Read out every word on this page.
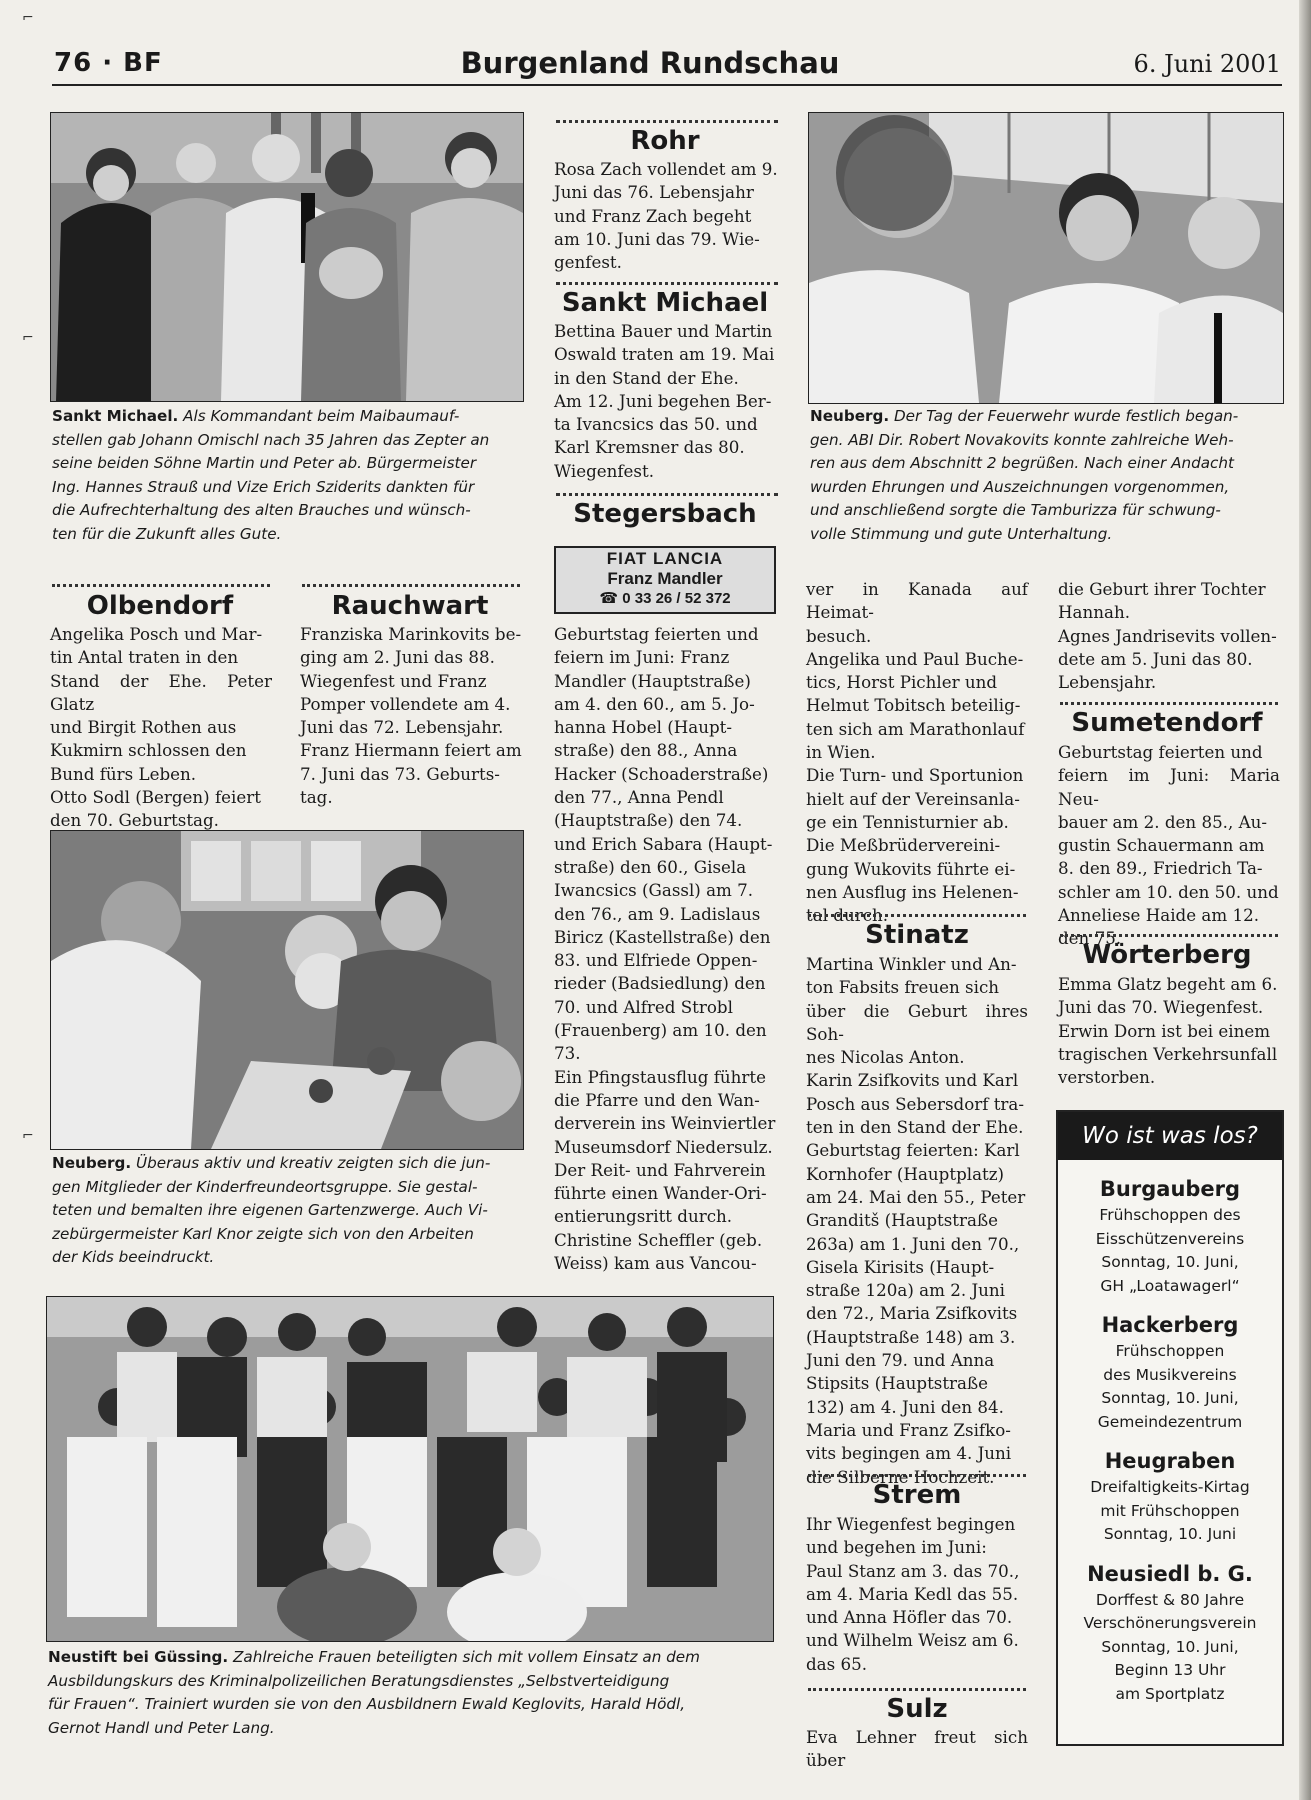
76 · BF	Burgenland Rundschau	6. Juni 2001
⌐
⌐
⌐
Sankt Michael. Als Kommandant beim Maibaumauf-
stellen gab Johann Omischl nach 35 Jahren das Zepter an
seine beiden Söhne Martin und Peter ab. Bürgermeister
Ing. Hannes Strauß und Vize Erich Sziderits dankten für
die Aufrechterhaltung des alten Brauches und wünsch-
ten für die Zukunft alles Gute.
Neuberg. Der Tag der Feuerwehr wurde festlich began-
gen. ABI Dir. Robert Novakovits konnte zahlreiche Weh-
ren aus dem Abschnitt 2 begrüßen. Nach einer Andacht
wurden Ehrungen und Auszeichnungen vorgenommen,
und anschließend sorgte die Tamburizza für schwung-
volle Stimmung und gute Unterhaltung.
Rohr
Rosa Zach vollendet am 9.
Juni das 76. Lebensjahr
und Franz Zach begeht
am 10. Juni das 79. Wie-
genfest.
Sankt Michael
Bettina Bauer und Martin
Oswald traten am 19. Mai
in den Stand der Ehe.
Am 12. Juni begehen Ber-
ta Ivancsics das 50. und
Karl Kremsner das 80.
Wiegenfest.
Stegersbach
FIAT LANCIA
Franz Mandler
☎ 0 33 26 / 52 372
Geburtstag feierten und
feiern im Juni: Franz
Mandler (Hauptstraße)
am 4. den 60., am 5. Jo-
hanna Hobel (Haupt-
straße) den 88., Anna
Hacker (Schoaderstraße)
den 77., Anna Pendl
(Hauptstraße) den 74.
und Erich Sabara (Haupt-
straße) den 60., Gisela
Iwancsics (Gassl) am 7.
den 76., am 9. Ladislaus
Biricz (Kastellstraße) den
83. und Elfriede Oppen-
rieder (Badsiedlung) den
70. und Alfred Strobl
(Frauenberg) am 10. den
73.
Ein Pfingstausflug führte
die Pfarre und den Wan-
derverein ins Weinviertler
Museumsdorf Niedersulz.
Der Reit- und Fahrverein
führte einen Wander-Ori-
entierungsritt durch.
Christine Scheffler (geb.
Weiss) kam aus Vancou-
ver in Kanada auf Heimat-
besuch.
Angelika und Paul Buche-
tics, Horst Pichler und
Helmut Tobitsch beteilig-
ten sich am Marathonlauf
in Wien.
Die Turn- und Sportunion
hielt auf der Vereinsanla-
ge ein Tennisturnier ab.
Die Meßbrüdervereini-
gung Wukovits führte ei-
nen Ausflug ins Helenen-
tal durch.
Stinatz
Martina Winkler und An-
ton Fabsits freuen sich
über die Geburt ihres Soh-
nes Nicolas Anton.
Karin Zsifkovits und Karl
Posch aus Sebersdorf tra-
ten in den Stand der Ehe.
Geburtstag feierten: Karl
Kornhofer (Hauptplatz)
am 24. Mai den 55., Peter
Granditš (Hauptstraße
263a) am 1. Juni den 70.,
Gisela Kirisits (Haupt-
straße 120a) am 2. Juni
den 72., Maria Zsifkovits
(Hauptstraße 148) am 3.
Juni den 79. und Anna
Stipsits (Hauptstraße
132) am 4. Juni den 84.
Maria und Franz Zsifko-
vits begingen am 4. Juni
die Silberne Hochzeit.
Strem
Ihr Wiegenfest begingen
und begehen im Juni:
Paul Stanz am 3. das 70.,
am 4. Maria Kedl das 55.
und Anna Höfler das 70.
und Wilhelm Weisz am 6.
das 65.
Sulz
Eva Lehner freut sich über
die Geburt ihrer Tochter
Hannah.
Agnes Jandrisevits vollen-
dete am 5. Juni das 80.
Lebensjahr.
Sumetendorf
Geburtstag feierten und
feiern im Juni: Maria Neu-
bauer am 2. den 85., Au-
gustin Schauermann am
8. den 89., Friedrich Ta-
schler am 10. den 50. und
Anneliese Haide am 12.
den 75.
Wörterberg
Emma Glatz begeht am 6.
Juni das 70. Wiegenfest.
Erwin Dorn ist bei einem
tragischen Verkehrsunfall
verstorben.
Wo ist was los?
Burgauberg
Frühschoppen des
Eisschützenvereins
Sonntag, 10. Juni,
GH „Loatawagerl“
Hackerberg
Frühschoppen
des Musikvereins
Sonntag, 10. Juni,
Gemeindezentrum
Heugraben
Dreifaltigkeits-Kirtag
mit Frühschoppen
Sonntag, 10. Juni
Neusiedl b. G.
Dorffest & 80 Jahre
Verschönerungsverein
Sonntag, 10. Juni,
Beginn 13 Uhr
am Sportplatz
Olbendorf
Angelika Posch und Mar-
tin Antal traten in den
Stand der Ehe. Peter Glatz
und Birgit Rothen aus
Kukmirn schlossen den
Bund fürs Leben.
Otto Sodl (Bergen) feiert
den 70. Geburtstag.
Rauchwart
Franziska Marinkovits be-
ging am 2. Juni das 88.
Wiegenfest und Franz
Pomper vollendete am 4.
Juni das 72. Lebensjahr.
Franz Hiermann feiert am
7. Juni das 73. Geburts-
tag.
Neuberg. Überaus aktiv und kreativ zeigten sich die jun-
gen Mitglieder der Kinderfreundeortsgruppe. Sie gestal-
teten und bemalten ihre eigenen Gartenzwerge. Auch Vi-
zebürgermeister Karl Knor zeigte sich von den Arbeiten
der Kids beeindruckt.
Neustift bei Güssing. Zahlreiche Frauen beteiligten sich mit vollem Einsatz an dem
Ausbildungskurs des Kriminalpolizeilichen Beratungsdienstes „Selbstverteidigung
für Frauen“. Trainiert wurden sie von den Ausbildnern Ewald Keglovits, Harald Hödl,
Gernot Handl und Peter Lang.
